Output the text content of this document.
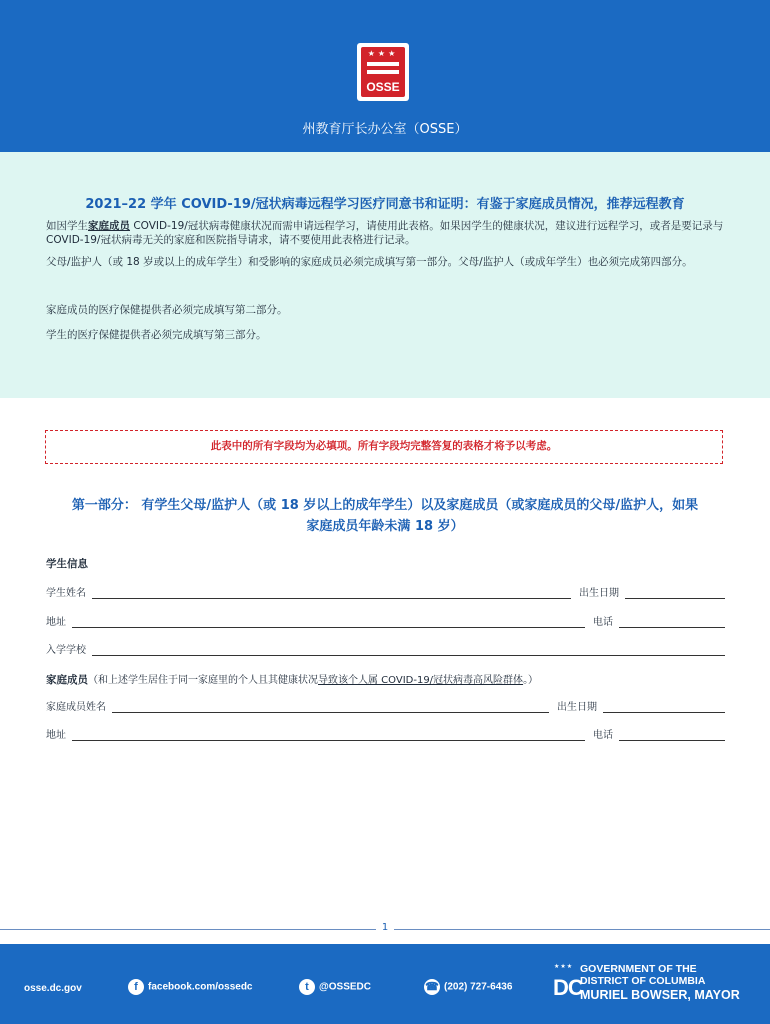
★★★
OSSE
州教育厅长办公室（OSSE）
2021–22 学年 COVID-19/冠状病毒远程学习医疗同意书和证明：有鉴于家庭成员情况，推荐远程教育
如因学生家庭成员 COVID-19/冠状病毒健康状况而需申请远程学习，请使用此表格。如果因学生的健康状况，建议进行远程学习，或者是要记录与 COVID-19/冠状病毒无关的家庭和医院指导请求，请不要使用此表格进行记录。
父母/监护人（或 18 岁或以上的成年学生）和受影响的家庭成员必须完成填写第一部分。父母/监护人（或成年学生）也必须完成第四部分。
家庭成员的医疗保健提供者必须完成填写第二部分。
学生的医疗保健提供者必须完成填写第三部分。
此表中的所有字段均为必填项。所有字段均完整答复的表格才将予以考虑。
第一部分： 有学生父母/监护人（或 18 岁以上的成年学生）以及家庭成员（或家庭成员的父母/监护人，如果
家庭成员年龄未满 18 岁）
学生信息
学生姓名	出生日期
地址	电话
入学学校
家庭成员（和上述学生居住于同一家庭里的个人且其健康状况导致该个人属 COVID-19/冠状病毒高风险群体。）
家庭成员姓名	出生日期
地址	电话
1
osse.dc.gov	f facebook.com/ossedc	t @OSSEDC	☎ (202) 727-6436
★★★
DC
GOVERNMENT OF THE
DISTRICT OF COLUMBIA
MURIEL BOWSER, MAYOR
